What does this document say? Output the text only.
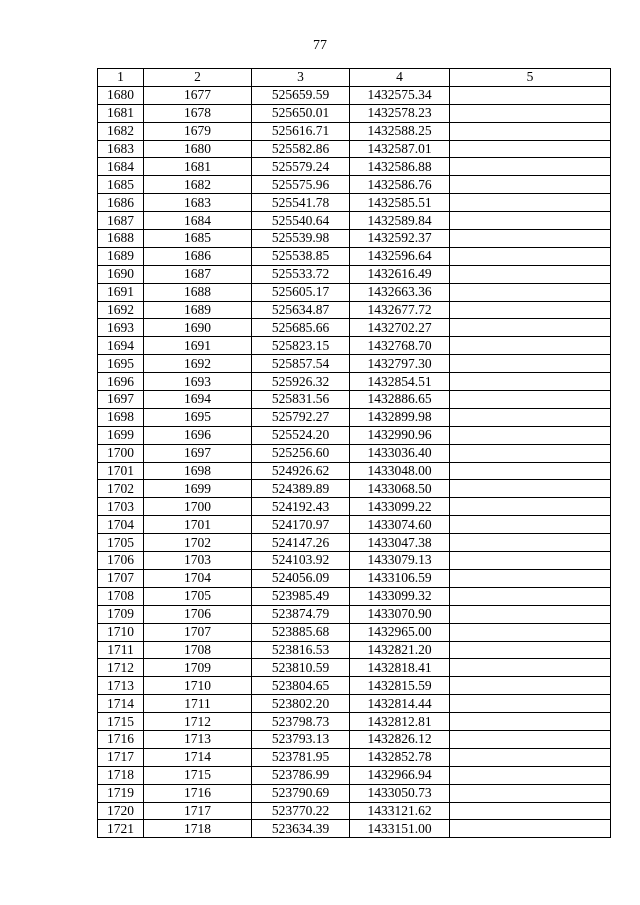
77
1	2	3	4	5
1680	1677	525659.59	1432575.34	
1681	1678	525650.01	1432578.23	
1682	1679	525616.71	1432588.25	
1683	1680	525582.86	1432587.01	
1684	1681	525579.24	1432586.88	
1685	1682	525575.96	1432586.76	
1686	1683	525541.78	1432585.51	
1687	1684	525540.64	1432589.84	
1688	1685	525539.98	1432592.37	
1689	1686	525538.85	1432596.64	
1690	1687	525533.72	1432616.49	
1691	1688	525605.17	1432663.36	
1692	1689	525634.87	1432677.72	
1693	1690	525685.66	1432702.27	
1694	1691	525823.15	1432768.70	
1695	1692	525857.54	1432797.30	
1696	1693	525926.32	1432854.51	
1697	1694	525831.56	1432886.65	
1698	1695	525792.27	1432899.98	
1699	1696	525524.20	1432990.96	
1700	1697	525256.60	1433036.40	
1701	1698	524926.62	1433048.00	
1702	1699	524389.89	1433068.50	
1703	1700	524192.43	1433099.22	
1704	1701	524170.97	1433074.60	
1705	1702	524147.26	1433047.38	
1706	1703	524103.92	1433079.13	
1707	1704	524056.09	1433106.59	
1708	1705	523985.49	1433099.32	
1709	1706	523874.79	1433070.90	
1710	1707	523885.68	1432965.00	
1711	1708	523816.53	1432821.20	
1712	1709	523810.59	1432818.41	
1713	1710	523804.65	1432815.59	
1714	1711	523802.20	1432814.44	
1715	1712	523798.73	1432812.81	
1716	1713	523793.13	1432826.12	
1717	1714	523781.95	1432852.78	
1718	1715	523786.99	1432966.94	
1719	1716	523790.69	1433050.73	
1720	1717	523770.22	1433121.62	
1721	1718	523634.39	1433151.00	
